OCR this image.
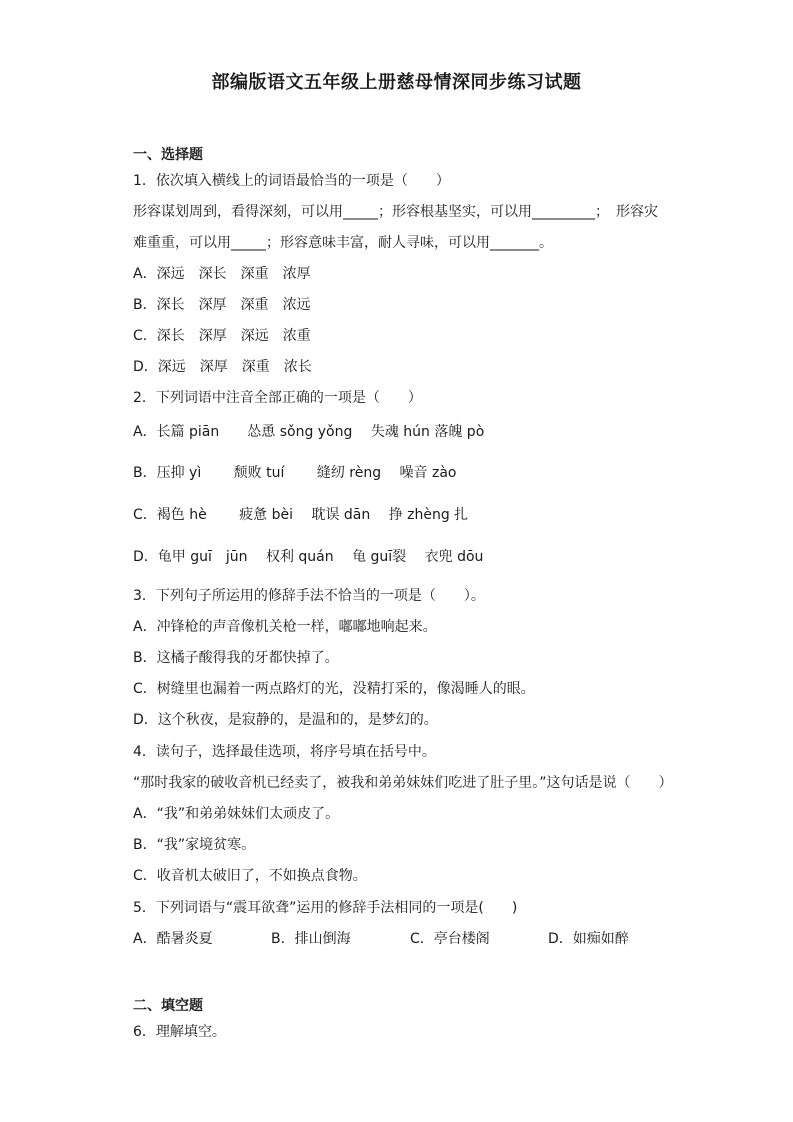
部编版语文五年级上册慈母情深同步练习试题
一、选择题
1．依次填入横线上的词语最恰当的一项是（　　）
形容谋划周到，看得深刻，可以用_____；形容根基坚实，可以用_________；　形容灾
难重重，可以用_____；形容意味丰富，耐人寻味，可以用_______。
A．深远　深长　深重　浓厚
B．深长　深厚　深重　浓远
C．深长　深厚　深远　浓重
D．深远　深厚　深重　浓长
2．下列词语中注音全部正确的一项是（　　）
A．长篇 piān　　怂恿 sǒng yǒng　 失魂 hún 落魄 pò
B．压抑 yì　　 颓败 tuí　　 缝纫 rèng　 噪音 zào
C．褐色 hè　　 疲惫 bèi　 耽误 dān　 挣 zhèng 扎
D．龟甲 guī　jūn　 权利 quán　 龟 guī裂　 衣兜 dōu
3．下列句子所运用的修辞手法不恰当的一项是（　　）。
A．冲锋枪的声音像机关枪一样，嘟嘟地响起来。
B．这橘子酸得我的牙都快掉了。
C．树缝里也漏着一两点路灯的光，没精打采的，像渴睡人的眼。
D．这个秋夜，是寂静的，是温和的，是梦幻的。
4．读句子，选择最佳选项，将序号填在括号中。
“那时我家的破收音机已经卖了，被我和弟弟妹妹们吃进了肚子里。”这句话是说（　　）
A．“我”和弟弟妹妹们太顽皮了。
B．“我”家境贫寒。
C．收音机太破旧了，不如换点食物。
5．下列词语与“震耳欲聋”运用的修辞手法相同的一项是(　　)
A．酷暑炎夏	B．排山倒海	C．亭台楼阁	D．如痴如醉
二、填空题
6．理解填空。
